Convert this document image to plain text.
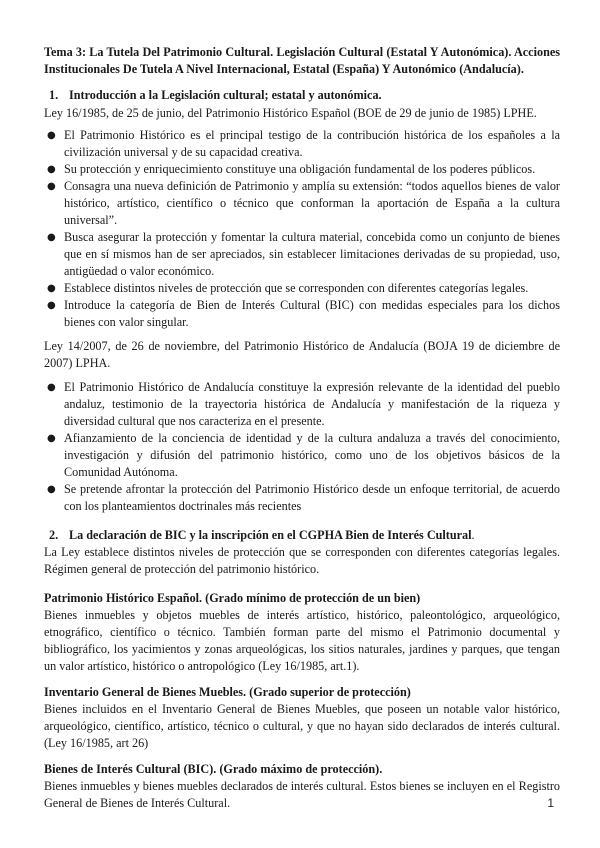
Tema 3: La Tutela Del Patrimonio Cultural. Legislación Cultural (Estatal Y Autonómica). Acciones Institucionales De Tutela A Nivel Internacional, Estatal (España) Y Autonómico (Andalucía).

1. Introducción a la Legislación cultural; estatal y autonómica.

Ley 16/1985, de 25 de junio, del Patrimonio Histórico Español (BOE de 29 de junio de 1985) LPHE.

● El Patrimonio Histórico es el principal testigo de la contribución histórica de los españoles a la civilización universal y de su capacidad creativa.
● Su protección y enriquecimiento constituye una obligación fundamental de los poderes públicos.
● Consagra una nueva definición de Patrimonio y amplía su extensión: “todos aquellos bienes de valor histórico, artístico, científico o técnico que conforman la aportación de España a la cultura universal”.
● Busca asegurar la protección y fomentar la cultura material, concebida como un conjunto de bienes que en sí mismos han de ser apreciados, sin establecer limitaciones derivadas de su propiedad, uso, antigüedad o valor económico.
● Establece distintos niveles de protección que se corresponden con diferentes categorías legales.
● Introduce la categoría de Bien de Interés Cultural (BIC) con medidas especiales para los dichos bienes con valor singular.

Ley 14/2007, de 26 de noviembre, del Patrimonio Histórico de Andalucía (BOJA 19 de diciembre de 2007) LPHA.

● El Patrimonio Histórico de Andalucía constituye la expresión relevante de la identidad del pueblo andaluz, testimonio de la trayectoria histórica de Andalucía y manifestación de la riqueza y diversidad cultural que nos caracteriza en el presente.
● Afianzamiento de la conciencia de identidad y de la cultura andaluza a través del conocimiento, investigación y difusión del patrimonio histórico, como uno de los objetivos básicos de la Comunidad Autónoma.
● Se pretende afrontar la protección del Patrimonio Histórico desde un enfoque territorial, de acuerdo con los planteamientos doctrinales más recientes

2. La declaración de BIC y la inscripción en el CGPHA Bien de Interés Cultural.

La Ley establece distintos niveles de protección que se corresponden con diferentes categorías legales. Régimen general de protección del patrimonio histórico.

Patrimonio Histórico Español. (Grado mínimo de protección de un bien)

Bienes inmuebles y objetos muebles de interés artístico, histórico, paleontológico, arqueológico, etnográfico, científico o técnico. También forman parte del mismo el Patrimonio documental y bibliográfico, los yacimientos y zonas arqueológicas, los sitios naturales, jardines y parques, que tengan un valor artístico, histórico o antropológico (Ley 16/1985, art.1).

Inventario General de Bienes Muebles. (Grado superior de protección)

Bienes incluidos en el Inventario General de Bienes Muebles, que poseen un notable valor histórico, arqueológico, científico, artístico, técnico o cultural, y que no hayan sido declarados de interés cultural. (Ley 16/1985, art 26)

Bienes de Interés Cultural (BIC). (Grado máximo de protección).

Bienes inmuebles y bienes muebles declarados de interés cultural. Estos bienes se incluyen en el Registro General de Bienes de Interés Cultural.	1
